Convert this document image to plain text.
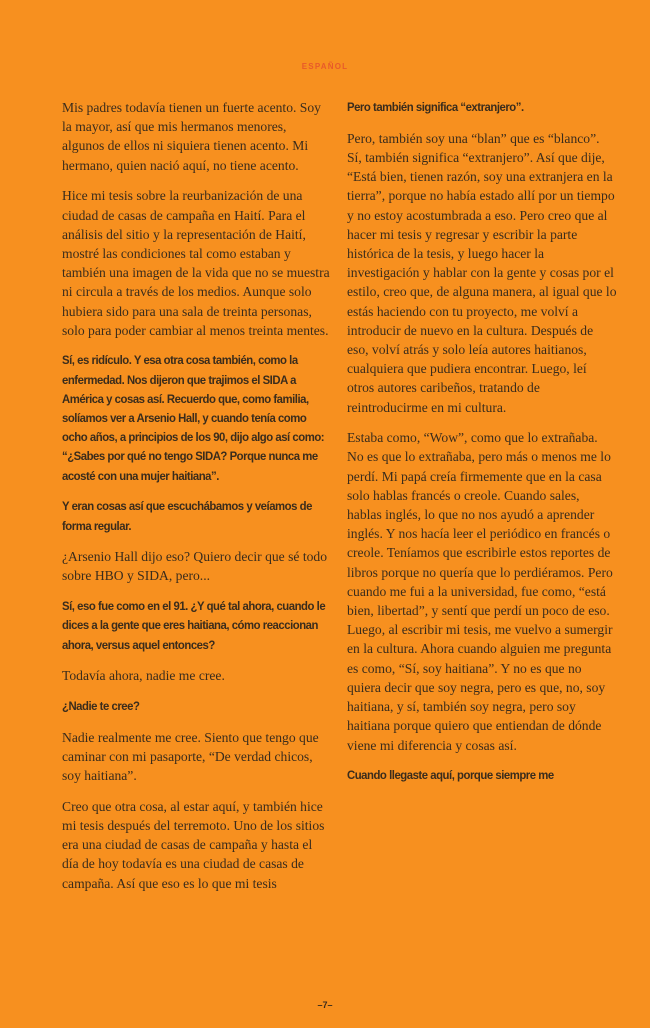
ESPAÑOL

Mis padres todavía tienen un fuerte acento. Soy la mayor, así que mis hermanos menores, algunos de ellos ni siquiera tienen acento. Mi hermano, quien nació aquí, no tiene acento.

Hice mi tesis sobre la reurbanización de una ciudad de casas de campaña en Haití. Para el análisis del sitio y la representación de Haití, mostré las condiciones tal como estaban y también una imagen de la vida que no se muestra ni circula a través de los medios. Aunque solo hubiera sido para una sala de treinta personas, solo para poder cambiar al menos treinta mentes.

Sí, es ridículo. Y esa otra cosa también, como la enfermedad. Nos dijeron que trajimos el SIDA a América y cosas así. Recuerdo que, como familia, solíamos ver a Arsenio Hall, y cuando tenía como ocho años, a principios de los 90, dijo algo así como: “¿Sabes por qué no tengo SIDA? Porque nunca me acosté con una mujer haitiana”.

Y eran cosas así que escuchábamos y veíamos de forma regular.

¿Arsenio Hall dijo eso? Quiero decir que sé todo sobre HBO y SIDA, pero...

Sí, eso fue como en el 91. ¿Y qué tal ahora, cuando le dices a la gente que eres haitiana, cómo reaccionan ahora, versus aquel entonces?

Todavía ahora, nadie me cree.

¿Nadie te cree?

Nadie realmente me cree. Siento que tengo que caminar con mi pasaporte, “De verdad chicos, soy haitiana”.

Creo que otra cosa, al estar aquí, y también hice mi tesis después del terremoto. Uno de los sitios era una ciudad de casas de campaña y hasta el día de hoy todavía es una ciudad de casas de campaña. Así que eso es lo que mi tesis

Pero también significa “extranjero”.

Pero, también soy una “blan” que es “blanco”. Sí, también significa “extranjero”. Así que dije, “Está bien, tienen razón, soy una extranjera en la tierra”, porque no había estado allí por un tiempo y no estoy acostumbrada a eso. Pero creo que al hacer mi tesis y regresar y escribir la parte histórica de la tesis, y luego hacer la investigación y hablar con la gente y cosas por el estilo, creo que, de alguna manera, al igual que lo estás haciendo con tu proyecto, me volví a introducir de nuevo en la cultura. Después de eso, volví atrás y solo leía autores haitianos, cualquiera que pudiera encontrar. Luego, leí otros autores caribeños, tratando de reintroducirme en mi cultura.

Estaba como, “Wow”, como que lo extrañaba. No es que lo extrañaba, pero más o menos me lo perdí. Mi papá creía firmemente que en la casa solo hablas francés o creole. Cuando sales, hablas inglés, lo que no nos ayudó a aprender inglés. Y nos hacía leer el periódico en francés o creole. Teníamos que escribirle estos reportes de libros porque no quería que lo perdiéramos. Pero cuando me fui a la universidad, fue como, “está bien, libertad”, y sentí que perdí un poco de eso. Luego, al escribir mi tesis, me vuelvo a sumergir en la cultura. Ahora cuando alguien me pregunta es como, “Sí, soy haitiana”. Y no es que no quiera decir que soy negra, pero es que, no, soy haitiana, y sí, también soy negra, pero soy haitiana porque quiero que entiendan de dónde viene mi diferencia y cosas así.

Cuando llegaste aquí, porque siempre me

–7–
